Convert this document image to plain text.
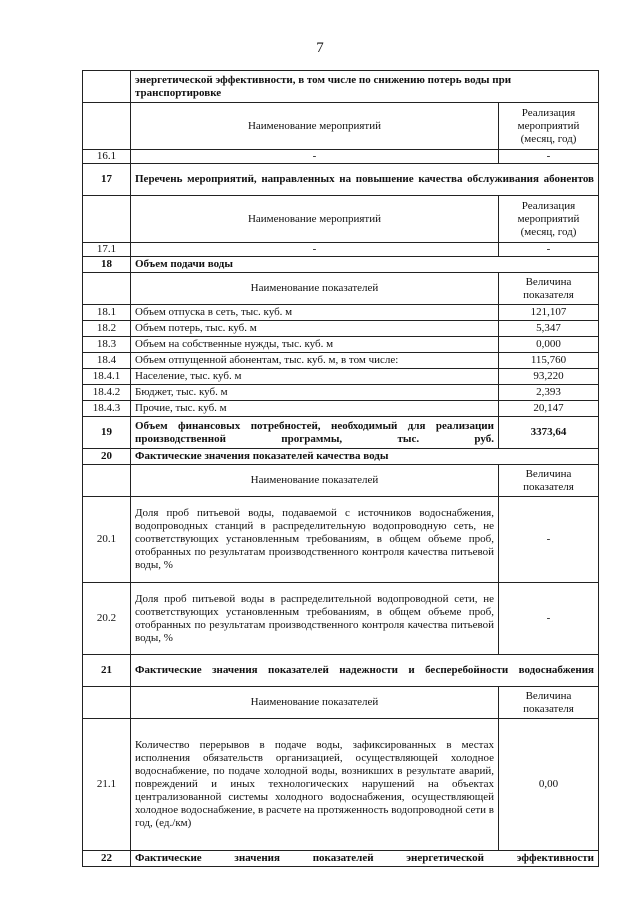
7
	энергетической эффективности, в том числе по снижению потерь воды при транспортировке	
	Наименование мероприятий	Реализация мероприятий (месяц, год)
16.1	-	-
17	Перечень мероприятий, направленных на повышение качества обслуживания абонентов	
	Наименование мероприятий	Реализация мероприятий (месяц, год)
17.1	-	-
18	Объем подачи воды	
	Наименование показателей	Величина показателя
18.1	Объем отпуска в сеть, тыс. куб. м	121,107
18.2	Объем потерь, тыс. куб. м	5,347
18.3	Объем на собственные нужды, тыс. куб. м	0,000
18.4	Объем отпущенной абонентам, тыс. куб. м, в том числе:	115,760
18.4.1	Население, тыс. куб. м	93,220
18.4.2	Бюджет, тыс. куб. м	2,393
18.4.3	Прочие, тыс. куб. м	20,147
19	Объем финансовых потребностей, необходимый для реализации производственной программы, тыс. руб.	3373,64
20	Фактические значения показателей качества воды	
	Наименование показателей	Величина показателя
20.1	Доля проб питьевой воды, подаваемой с источников водоснабжения, водопроводных станций в распределительную водопроводную сеть, не соответствующих установленным требованиям, в общем объеме проб, отобранных по результатам производственного контроля качества питьевой воды, %	-
20.2	Доля проб питьевой воды в распределительной водопроводной сети, не соответствующих установленным требованиям, в общем объеме проб, отобранных по результатам производственного контроля качества питьевой воды, %	-
21	Фактические значения показателей надежности и бесперебойности водоснабжения	
	Наименование показателей	Величина показателя
21.1	Количество перерывов в подаче воды, зафиксированных в местах исполнения обязательств организацией, осуществляющей холодное водоснабжение, по подаче холодной воды, возникших в результате аварий, повреждений и иных технологических нарушений на объектах централизованной системы холодного водоснабжения, осуществляющей холодное водоснабжение, в расчете на протяженность водопроводной сети в год, (ед./км)	0,00
22	Фактические значения показателей энергетической эффективности	
